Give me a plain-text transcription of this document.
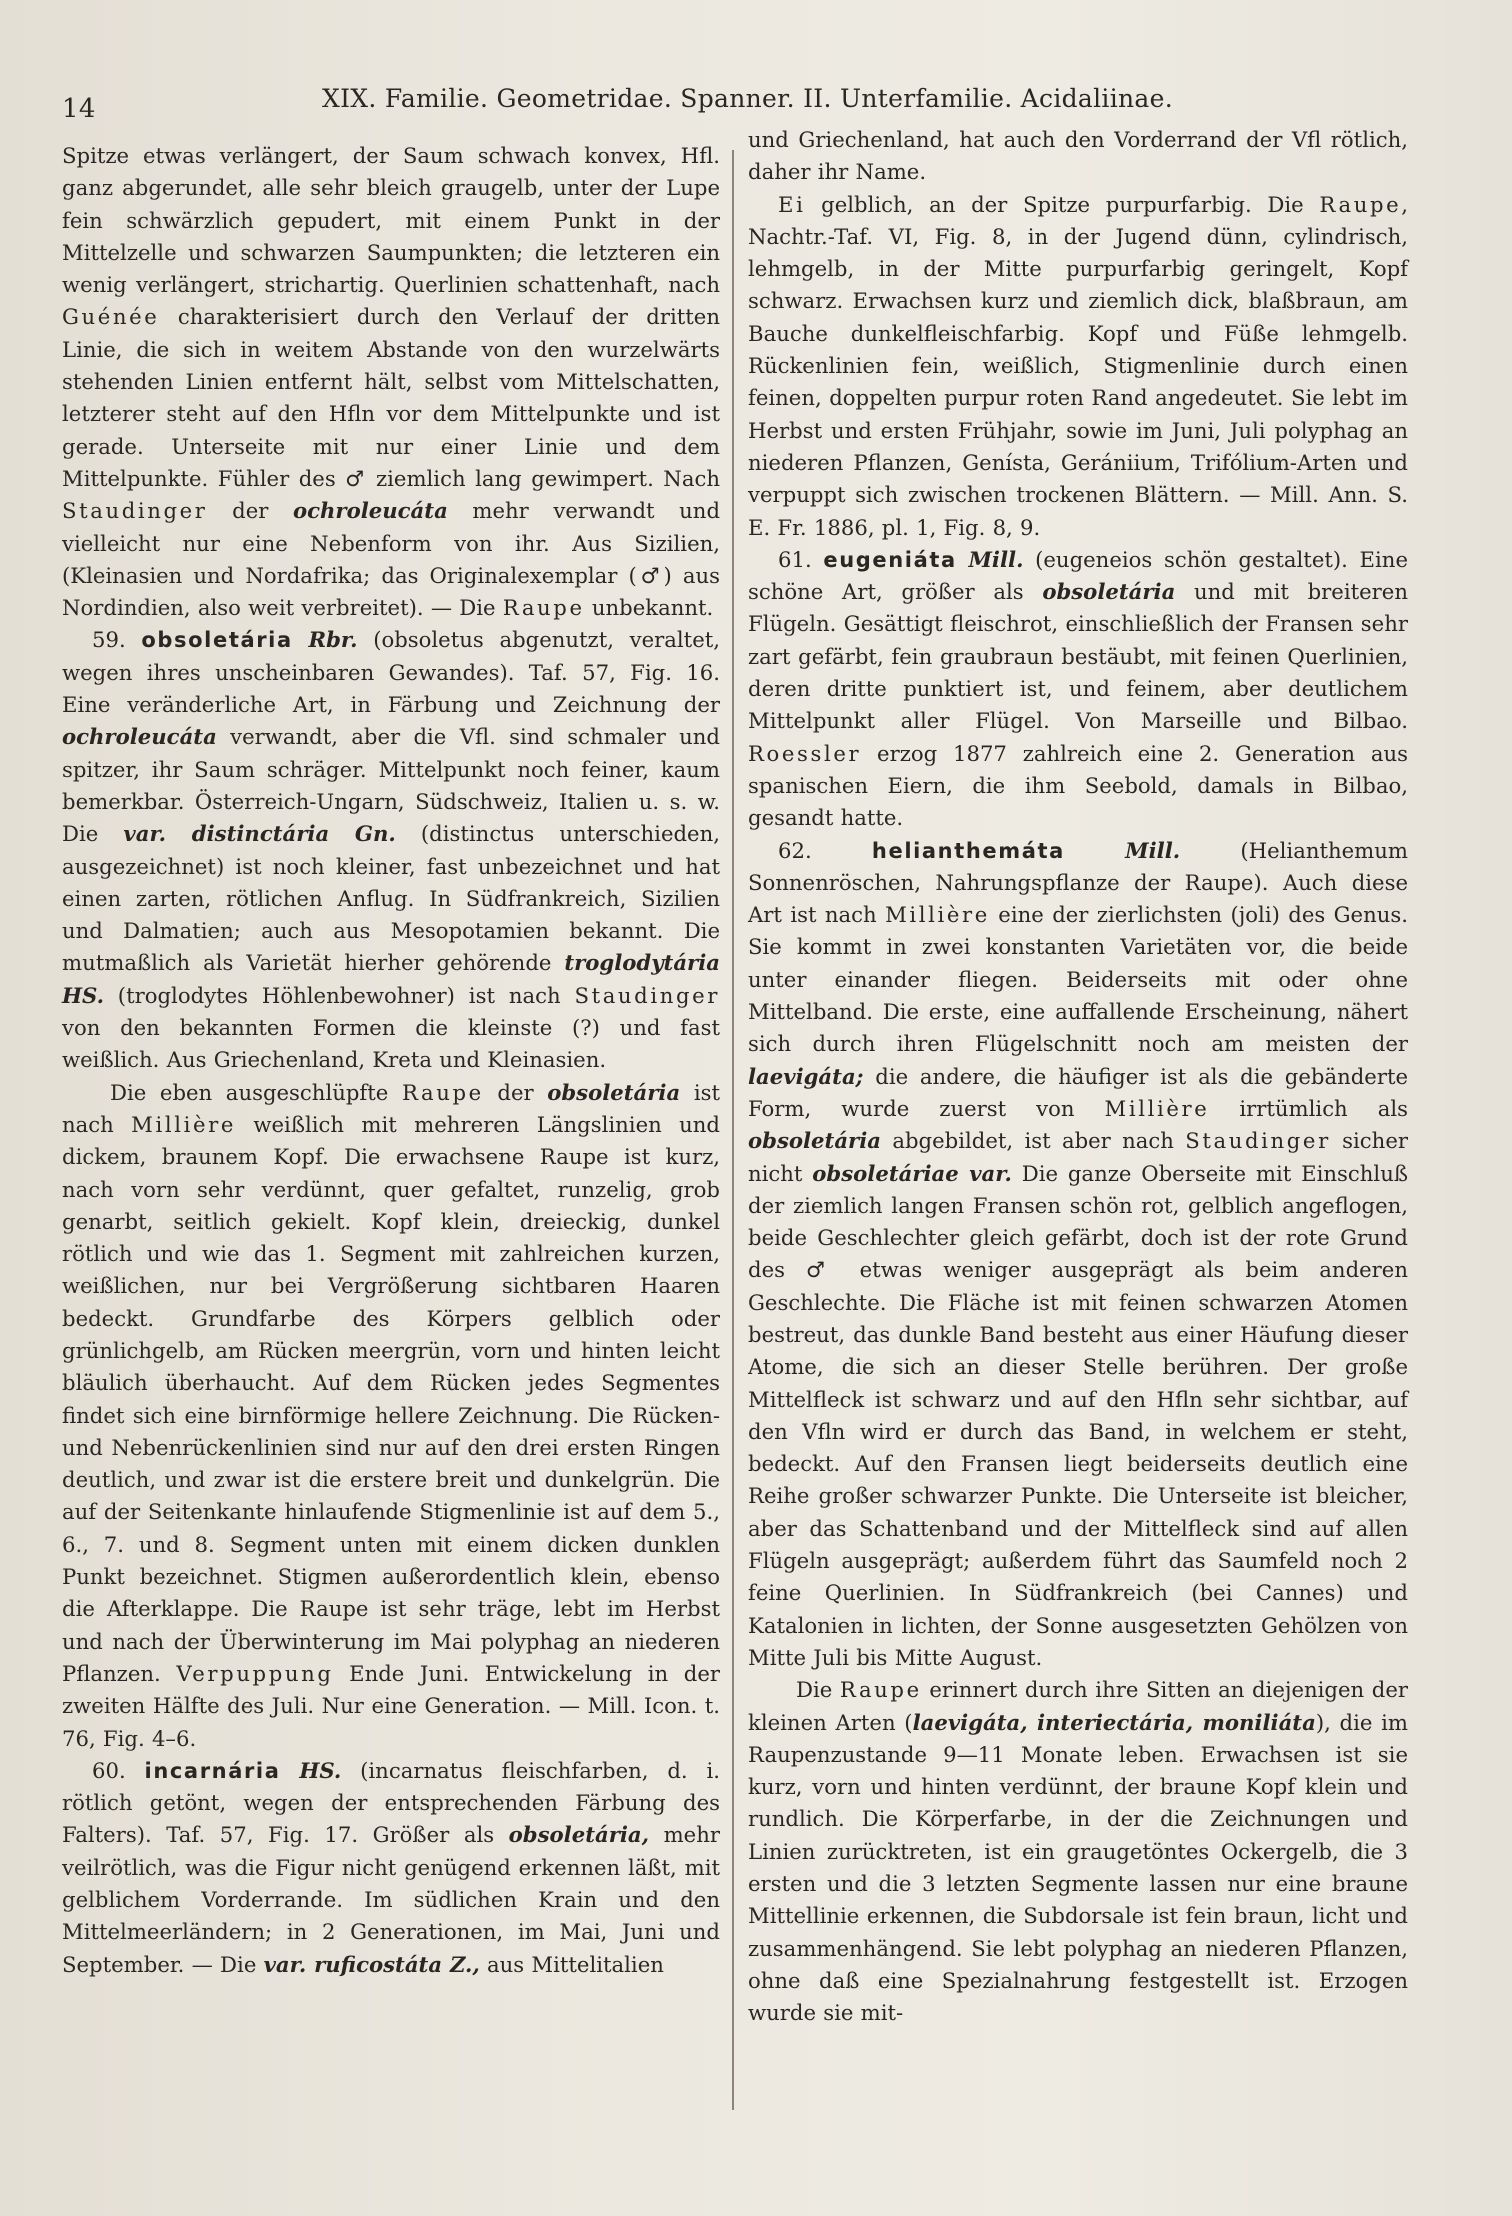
14	XIX. Familie. Geometridae. Spanner. II. Unterfamilie. Acidaliinae.

Spitze etwas verlängert, der Saum schwach konvex, Hfl. ganz abgerundet, alle sehr bleich graugelb, unter der Lupe fein schwärzlich gepudert, mit einem Punkt in der Mittelzelle und schwarzen Saumpunkten; die letzteren ein wenig verlängert, strichartig. Querlinien schattenhaft, nach Guénée charakterisiert durch den Verlauf der dritten Linie, die sich in weitem Abstande von den wurzelwärts stehenden Linien entfernt hält, selbst vom Mittelschatten, letzterer steht auf den Hfln vor dem Mittelpunkte und ist gerade. Unterseite mit nur einer Linie und dem Mittelpunkte. Fühler des ♂ ziemlich lang gewimpert. Nach Staudinger der ochroleucáta mehr verwandt und vielleicht nur eine Nebenform von ihr. Aus Sizilien, (Kleinasien und Nordafrika; das Originalexemplar (♂) aus Nordindien, also weit verbreitet). — Die Raupe unbekannt.

59. obsoletária Rbr. (obsoletus abgenutzt, veraltet, wegen ihres unscheinbaren Gewandes). Taf. 57, Fig. 16. Eine veränderliche Art, in Färbung und Zeichnung der ochroleucáta verwandt, aber die Vfl. sind schmaler und spitzer, ihr Saum schräger. Mittelpunkt noch feiner, kaum bemerkbar. Österreich-Ungarn, Südschweiz, Italien u. s. w. Die var. distinctária Gn. (distinctus unterschieden, ausgezeichnet) ist noch kleiner, fast unbezeichnet und hat einen zarten, rötlichen Anflug. In Südfrankreich, Sizilien und Dalmatien; auch aus Mesopotamien bekannt. Die mutmaßlich als Varietät hierher gehörende troglodytária HS. (troglodytes Höhlenbewohner) ist nach Staudinger von den bekannten Formen die kleinste (?) und fast weißlich. Aus Griechenland, Kreta und Kleinasien.

Die eben ausgeschlüpfte Raupe der obsoletária ist nach Millière weißlich mit mehreren Längslinien und dickem, braunem Kopf. Die erwachsene Raupe ist kurz, nach vorn sehr verdünnt, quer gefaltet, runzelig, grob genarbt, seitlich gekielt. Kopf klein, dreieckig, dunkel rötlich und wie das 1. Segment mit zahlreichen kurzen, weißlichen, nur bei Vergrößerung sichtbaren Haaren bedeckt. Grundfarbe des Körpers gelblich oder grünlichgelb, am Rücken meergrün, vorn und hinten leicht bläulich überhaucht. Auf dem Rücken jedes Segmentes findet sich eine birnförmige hellere Zeichnung. Die Rücken- und Nebenrückenlinien sind nur auf den drei ersten Ringen deutlich, und zwar ist die erstere breit und dunkelgrün. Die auf der Seitenkante hinlaufende Stigmenlinie ist auf dem 5., 6., 7. und 8. Segment unten mit einem dicken dunklen Punkt bezeichnet. Stigmen außerordentlich klein, ebenso die Afterklappe. Die Raupe ist sehr träge, lebt im Herbst und nach der Überwinterung im Mai polyphag an niederen Pflanzen. Verpuppung Ende Juni. Entwickelung in der zweiten Hälfte des Juli. Nur eine Generation. — Mill. Icon. t. 76, Fig. 4–6.

60. incarnária HS. (incarnatus fleischfarben, d. i. rötlich getönt, wegen der entsprechenden Färbung des Falters). Taf. 57, Fig. 17. Größer als obsoletária, mehr veilrötlich, was die Figur nicht genügend erkennen läßt, mit gelblichem Vorderrande. Im südlichen Krain und den Mittelmeerländern; in 2 Generationen, im Mai, Juni und September. — Die var. ruficostáta Z., aus Mittelitalien

und Griechenland, hat auch den Vorderrand der Vfl rötlich, daher ihr Name.

Ei gelblich, an der Spitze purpurfarbig. Die Raupe, Nachtr.-Taf. VI, Fig. 8, in der Jugend dünn, cylindrisch, lehmgelb, in der Mitte purpurfarbig geringelt, Kopf schwarz. Erwachsen kurz und ziemlich dick, blaßbraun, am Bauche dunkelfleischfarbig. Kopf und Füße lehmgelb. Rückenlinien fein, weißlich, Stigmenlinie durch einen feinen, doppelten purpur roten Rand angedeutet. Sie lebt im Herbst und ersten Frühjahr, sowie im Juni, Juli polyphag an niederen Pflanzen, Genísta, Gerániium, Trifólium-Arten und verpuppt sich zwischen trockenen Blättern. — Mill. Ann. S. E. Fr. 1886, pl. 1, Fig. 8, 9.

61. eugeniáta Mill. (eugeneios schön gestaltet). Eine schöne Art, größer als obsoletária und mit breiteren Flügeln. Gesättigt fleischrot, einschließlich der Fransen sehr zart gefärbt, fein graubraun bestäubt, mit feinen Querlinien, deren dritte punktiert ist, und feinem, aber deutlichem Mittelpunkt aller Flügel. Von Marseille und Bilbao. Roessler erzog 1877 zahlreich eine 2. Generation aus spanischen Eiern, die ihm Seebold, damals in Bilbao, gesandt hatte.

62. helianthemáta	Mill. (Helianthemum Sonnenröschen, Nahrungspflanze der Raupe). Auch diese Art ist nach Millière eine der zierlichsten (joli) des Genus. Sie kommt in zwei konstanten Varietäten vor, die beide unter einander fliegen. Beiderseits mit oder ohne Mittelband. Die erste, eine auffallende Erscheinung, nähert sich durch ihren Flügelschnitt noch am meisten der laevigáta; die andere, die häufiger ist als die gebänderte Form, wurde zuerst von Millière irrtümlich als obsoletária abgebildet, ist aber nach Staudinger sicher nicht obsoletáriae var. Die ganze Oberseite mit Einschluß der ziemlich langen Fransen schön rot, gelblich angeflogen, beide Geschlechter gleich gefärbt, doch ist der rote Grund des ♂ etwas weniger ausgeprägt als beim anderen Geschlechte. Die Fläche ist mit feinen schwarzen Atomen bestreut, das dunkle Band besteht aus einer Häufung dieser Atome, die sich an dieser Stelle berühren. Der große Mittelfleck ist schwarz und auf den Hfln sehr sichtbar, auf den Vfln wird er durch das Band, in welchem er steht, bedeckt. Auf den Fransen liegt beiderseits deutlich eine Reihe großer schwarzer Punkte. Die Unterseite ist bleicher, aber das Schattenband und der Mittelfleck sind auf allen Flügeln ausgeprägt; außerdem führt das Saumfeld noch 2 feine Querlinien. In Südfrankreich (bei Cannes) und Katalonien in lichten, der Sonne ausgesetzten Gehölzen von Mitte Juli bis Mitte August.

Die Raupe erinnert durch ihre Sitten an diejenigen der kleinen Arten (laevigáta, interiectária, moniliáta), die im Raupenzustande 9—11 Monate leben. Erwachsen ist sie kurz, vorn und hinten verdünnt, der braune Kopf klein und rundlich. Die Körperfarbe, in der die Zeichnungen und Linien zurücktreten, ist ein graugetöntes Ockergelb, die 3 ersten und die 3 letzten Segmente lassen nur eine braune Mittellinie erkennen, die Subdorsale ist fein braun, licht und zusammenhängend. Sie lebt polyphag an niederen Pflanzen, ohne daß eine Spezialnahrung festgestellt ist. Erzogen wurde sie mit-
